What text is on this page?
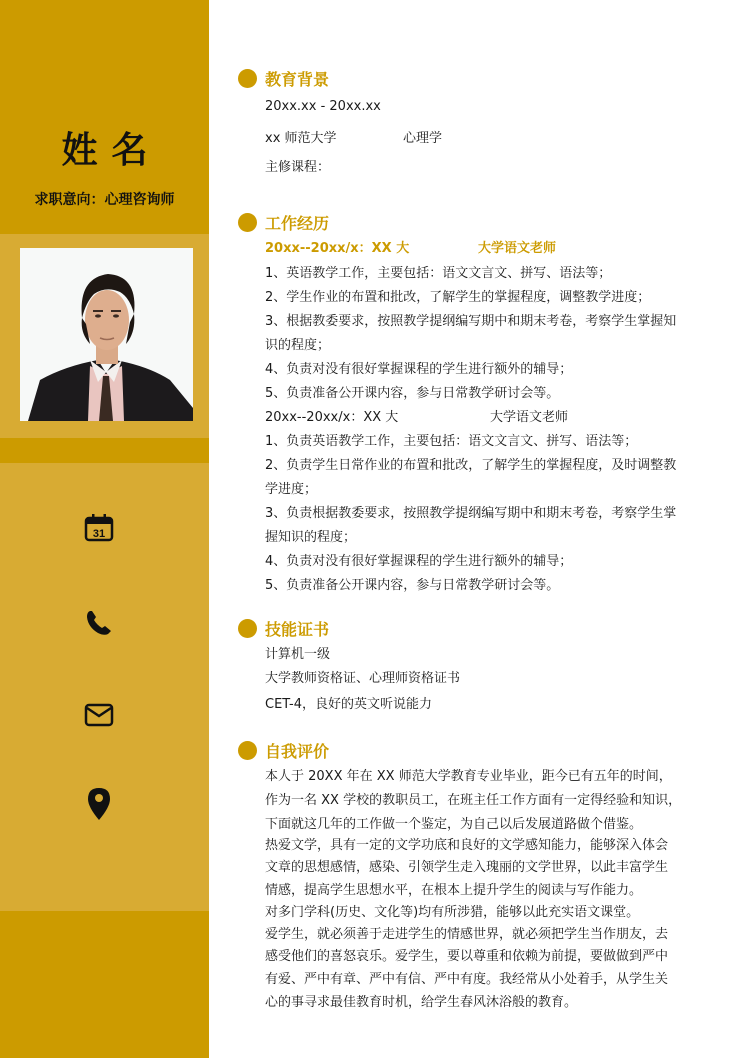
姓名
求职意向：心理咨询师
31
教育背景
20xx.xx - 20xx.xx
xx 师范大学	心理学
主修课程：
工作经历
20xx--20xx/x：XX 大	大学语文老师
1、英语教学工作，主要包括：语文文言文、拼写、语法等；
2、学生作业的布置和批改，了解学生的掌握程度，调整教学进度；
3、根据教委要求，按照教学提纲编写期中和期末考卷，考察学生掌握知
识的程度；
4、负责对没有很好掌握课程的学生进行额外的辅导；
5、负责准备公开课内容，参与日常教学研讨会等。
20xx--20xx/x：XX 大	大学语文老师
1、负责英语教学工作，主要包括：语文文言文、拼写、语法等；
2、负责学生日常作业的布置和批改，了解学生的掌握程度，及时调整教
学进度；
3、负责根据教委要求，按照教学提纲编写期中和期末考卷，考察学生掌
握知识的程度；
4、负责对没有很好掌握课程的学生进行额外的辅导；
5、负责准备公开课内容，参与日常教学研讨会等。
技能证书
计算机一级
大学教师资格证、心理师资格证书
CET-4，良好的英文听说能力
自我评价
本人于 20XX 年在 XX 师范大学教育专业毕业，距今已有五年的时间，
作为一名 XX 学校的教职员工，在班主任工作方面有一定得经验和知识，
下面就这几年的工作做一个鉴定，为自己以后发展道路做个借鉴。
热爱文学，具有一定的文学功底和良好的文学感知能力，能够深入体会
文章的思想感情，感染、引领学生走入瑰丽的文学世界，以此丰富学生
情感，提高学生思想水平，在根本上提升学生的阅读与写作能力。
对多门学科(历史、文化等)均有所涉猎，能够以此充实语文课堂。
爱学生，就必须善于走进学生的情感世界，就必须把学生当作朋友，去
感受他们的喜怒哀乐。爱学生，要以尊重和依赖为前提，要做做到严中
有爱、严中有章、严中有信、严中有度。我经常从小处着手，从学生关
心的事寻求最佳教育时机，给学生春风沐浴般的教育。
